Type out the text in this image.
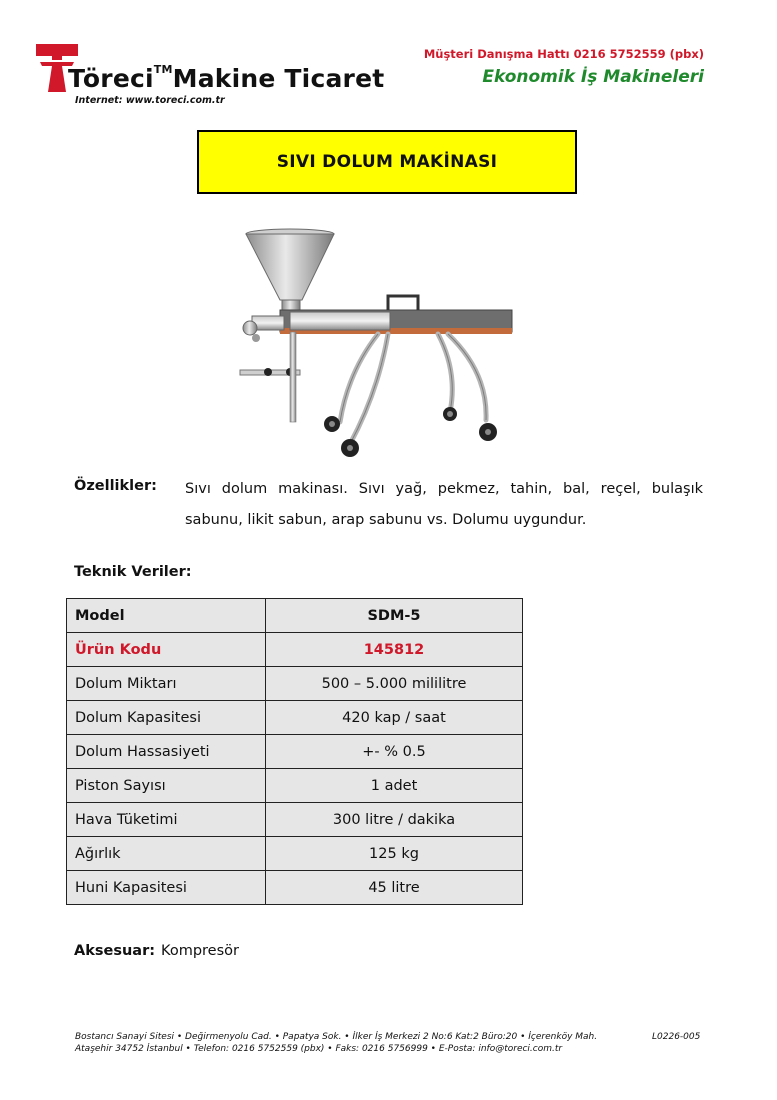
Töreci™Makine Ticaret
Internet: www.toreci.com.tr
Müşteri Danışma Hattı 0216 5752559 (pbx)
Ekonomik İş Makineleri
SIVI DOLUM MAKİNASI
Özellikler: Sıvı dolum makinası. Sıvı yağ, pekmez, tahin, bal, reçel, bulaşık sabunu, likit sabun, arap sabunu vs. Dolumu uygundur.
Teknik Veriler:
Model	SDM-5
Ürün Kodu	145812
Dolum Miktarı	500 – 5.000 mililitre
Dolum Kapasitesi	420 kap / saat
Dolum Hassasiyeti	+- % 0.5
Piston Sayısı	1 adet
Hava Tüketimi	300 litre / dakika
Ağırlık	125 kg
Huni Kapasitesi	45 litre
Aksesuar: Kompresör
Bostancı Sanayi Sitesi • Değirmenyolu Cad. • Papatya Sok. • İlker İş Merkezi 2 No:6 Kat:2 Büro:20 • İçerenköy Mah.
Ataşehir 34752 İstanbul • Telefon: 0216 5752559 (pbx) • Faks: 0216 5756999 • E-Posta: info@toreci.com.tr
L0226-005
